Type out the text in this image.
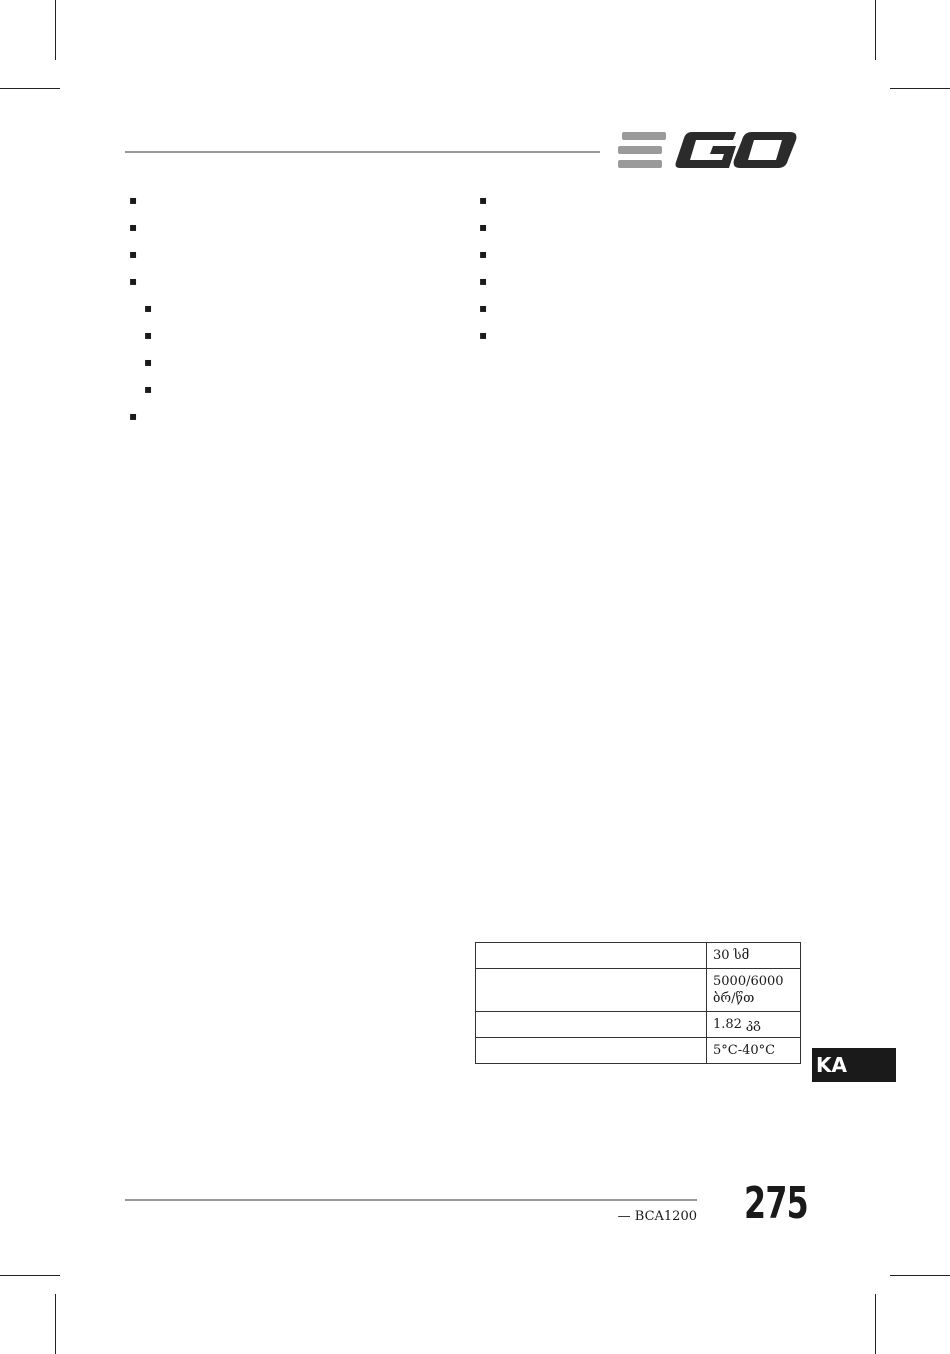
▪
▪
▪
▪
▪
▪
▪
▪
▪
▪
▪
▪
▪
▪
▪
	30 სმ
	5000/6000 ბრ/წთ
	1.82 კგ
	5°C-40°C
KA
— BCA1200 275
